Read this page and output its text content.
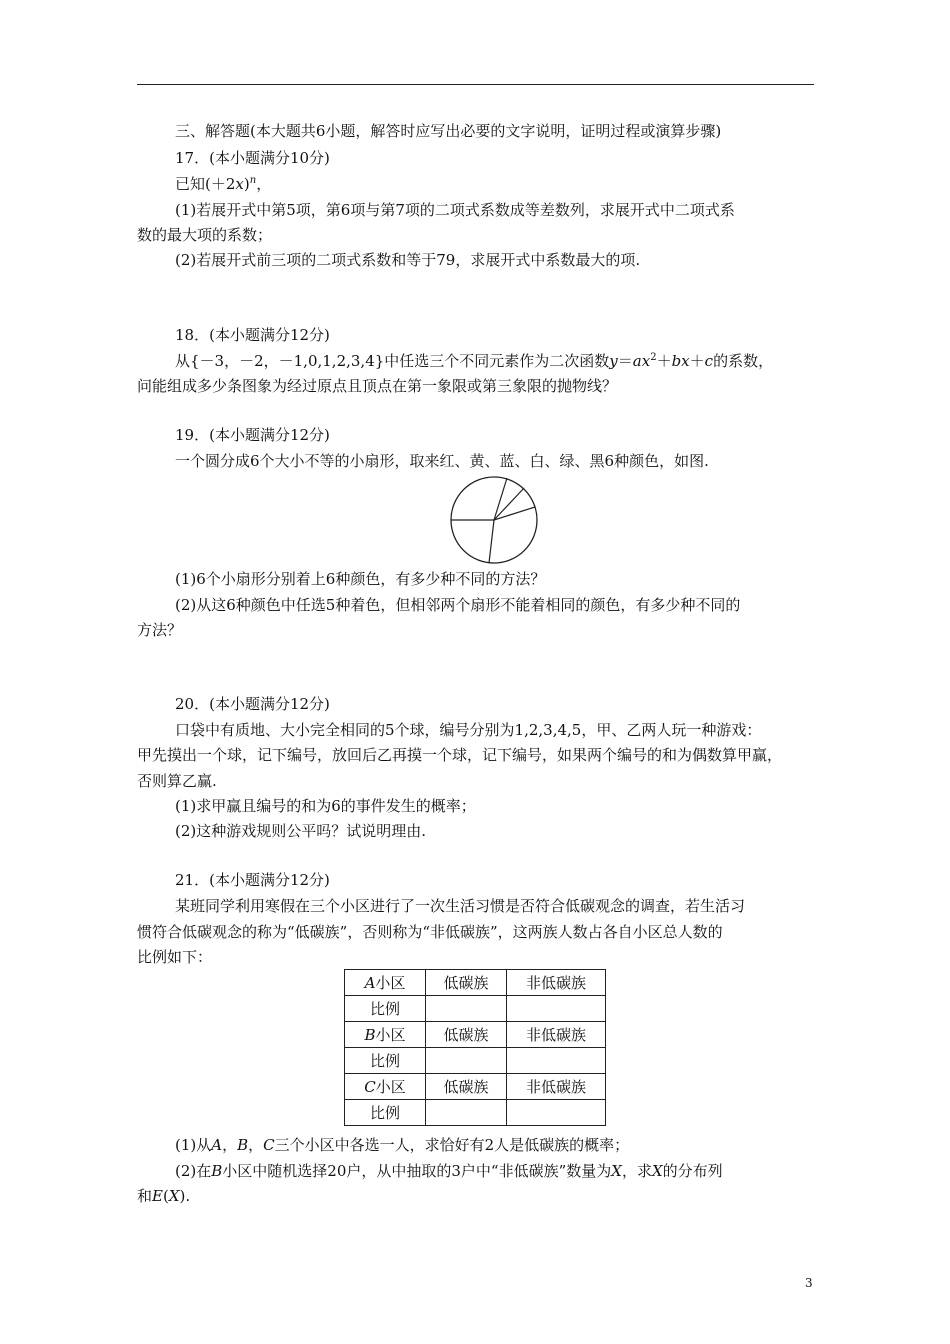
三、解答题(本大题共6小题，解答时应写出必要的文字说明，证明过程或演算步骤)
17．(本小题满分10分)
已知$(+2x)^n$，
(1)若展开式中第5项，第6项与第7项的二项式系数成等差数列，求展开式中二项式系
数的最大项的系数；
(2)若展开式前三项的二项式系数和等于79，求展开式中系数最大的项.
18．(本小题满分12分)
从{－3，－2，－1,0,1,2,3,4}中任选三个不同元素作为二次函数$y=ax^2+bx+c$的系数，
问能组成多少条图象为经过原点且顶点在第一象限或第三象限的抛物线？
19．(本小题满分12分)
一个圆分成6个大小不等的小扇形，取来红、黄、蓝、白、绿、黑6种颜色，如图.
(1)6个小扇形分别着上6种颜色，有多少种不同的方法？
(2)从这6种颜色中任选5种着色，但相邻两个扇形不能着相同的颜色，有多少种不同的
方法？
20．(本小题满分12分)
口袋中有质地、大小完全相同的5个球，编号分别为1,2,3,4,5，甲、乙两人玩一种游戏：
甲先摸出一个球，记下编号，放回后乙再摸一个球，记下编号，如果两个编号的和为偶数算甲赢，
否则算乙赢.
(1)求甲赢且编号的和为6的事件发生的概率；
(2)这种游戏规则公平吗？试说明理由.
21．(本小题满分12分)
某班同学利用寒假在三个小区进行了一次生活习惯是否符合低碳观念的调查，若生活习
惯符合低碳观念的称为“低碳族”，否则称为“非低碳族”，这两族人数占各自小区总人数的
比例如下：
A小区	低碳族	非低碳族
比例		
B小区	低碳族	非低碳族
比例		
C小区	低碳族	非低碳族
比例		
(1)从A，B，C三个小区中各选一人，求恰好有2人是低碳族的概率；
(2)在B小区中随机选择20户，从中抽取的3户中“非低碳族”数量为X，求X的分布列
和E(X).
3
